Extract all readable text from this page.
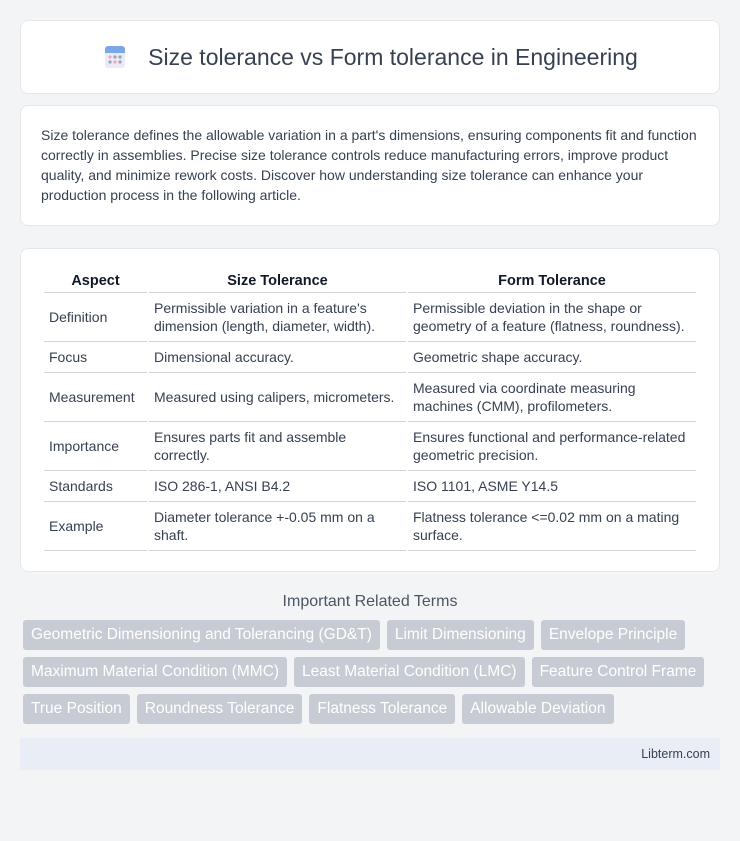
Size tolerance vs Form tolerance in Engineering

Size tolerance defines the allowable variation in a part's dimensions, ensuring components fit and function correctly in assemblies. Precise size tolerance controls reduce manufacturing errors, improve product quality, and minimize rework costs. Discover how understanding size tolerance can enhance your production process in the following article.

Aspect	Size Tolerance	Form Tolerance
Definition	Permissible variation in a feature's dimension (length, diameter, width).	Permissible deviation in the shape or geometry of a feature (flatness, roundness).
Focus	Dimensional accuracy.	Geometric shape accuracy.
Measurement	Measured using calipers, micrometers.	Measured via coordinate measuring machines (CMM), profilometers.
Importance	Ensures parts fit and assemble correctly.	Ensures functional and performance-related geometric precision.
Standards	ISO 286-1, ANSI B4.2	ISO 1101, ASME Y14.5
Example	Diameter tolerance +-0.05 mm on a shaft.	Flatness tolerance <=0.02 mm on a mating surface.
Important Related Terms
Geometric Dimensioning and Tolerancing (GD&T)	Limit Dimensioning	Envelope Principle
Maximum Material Condition (MMC)	Least Material Condition (LMC)	Feature Control Frame
True Position	Roundness Tolerance	Flatness Tolerance	Allowable Deviation
Libterm.com
